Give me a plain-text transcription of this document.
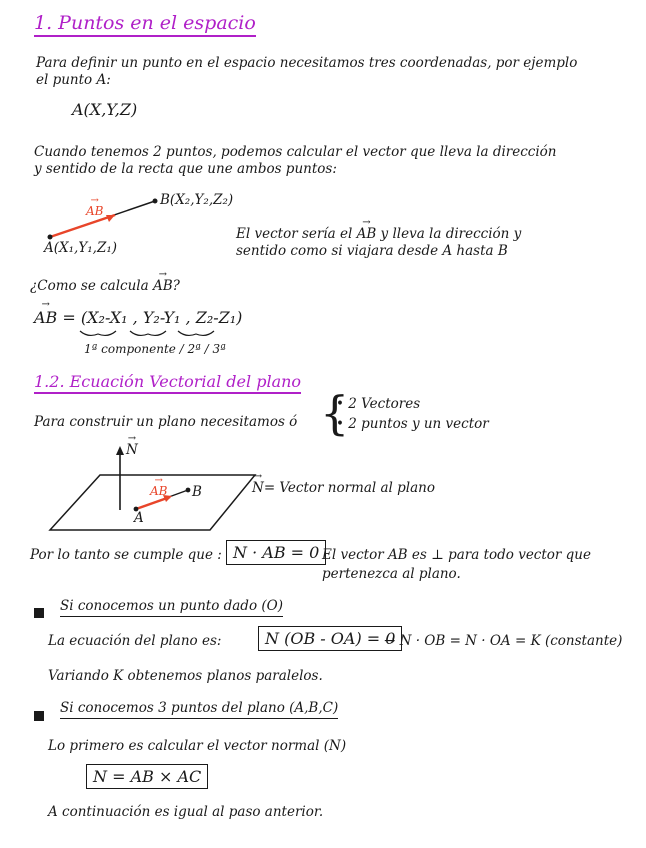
1. Puntos en el espacio
Para definir un punto en el espacio necesitamos tres coordenadas, por ejemplo
el punto A:
A(X,Y,Z)
Cuando tenemos 2 puntos, podemos calcular el vector que lleva la dirección
y sentido de la recta que une ambos puntos:
→ AB
B(X₂,Y₂,Z₂)
A(X₁,Y₁,Z₁)
El vector sería el → AB y lleva la dirección y
sentido como si viajara desde A hasta B
¿Como se calcula → AB?
→ AB = (X₂-X₁ , Y₂-Y₁ , Z₂-Z₁)
1ª componente / 2ª / 3ª
1.2. Ecuación Vectorial del plano
Para construir un plano necesitamos ó {
• 2 Vectores
• 2 puntos y un vector
→ N
→ AB B
A
→ N= Vector normal al plano
Por lo tanto se cumple que : N · AB = 0 El vector AB es ⊥ para todo vector que
pertenezca al plano.
Si conocemos un punto dado (O)
La ecuación del plano es:	N (OB - OA) = 0
→ N · OB = N · OA = K (constante)
Variando K obtenemos planos paralelos.
Si conocemos 3 puntos del plano (A,B,C)
Lo primero es calcular el vector normal (N)
N = AB × AC
A continuación es igual al paso anterior.
